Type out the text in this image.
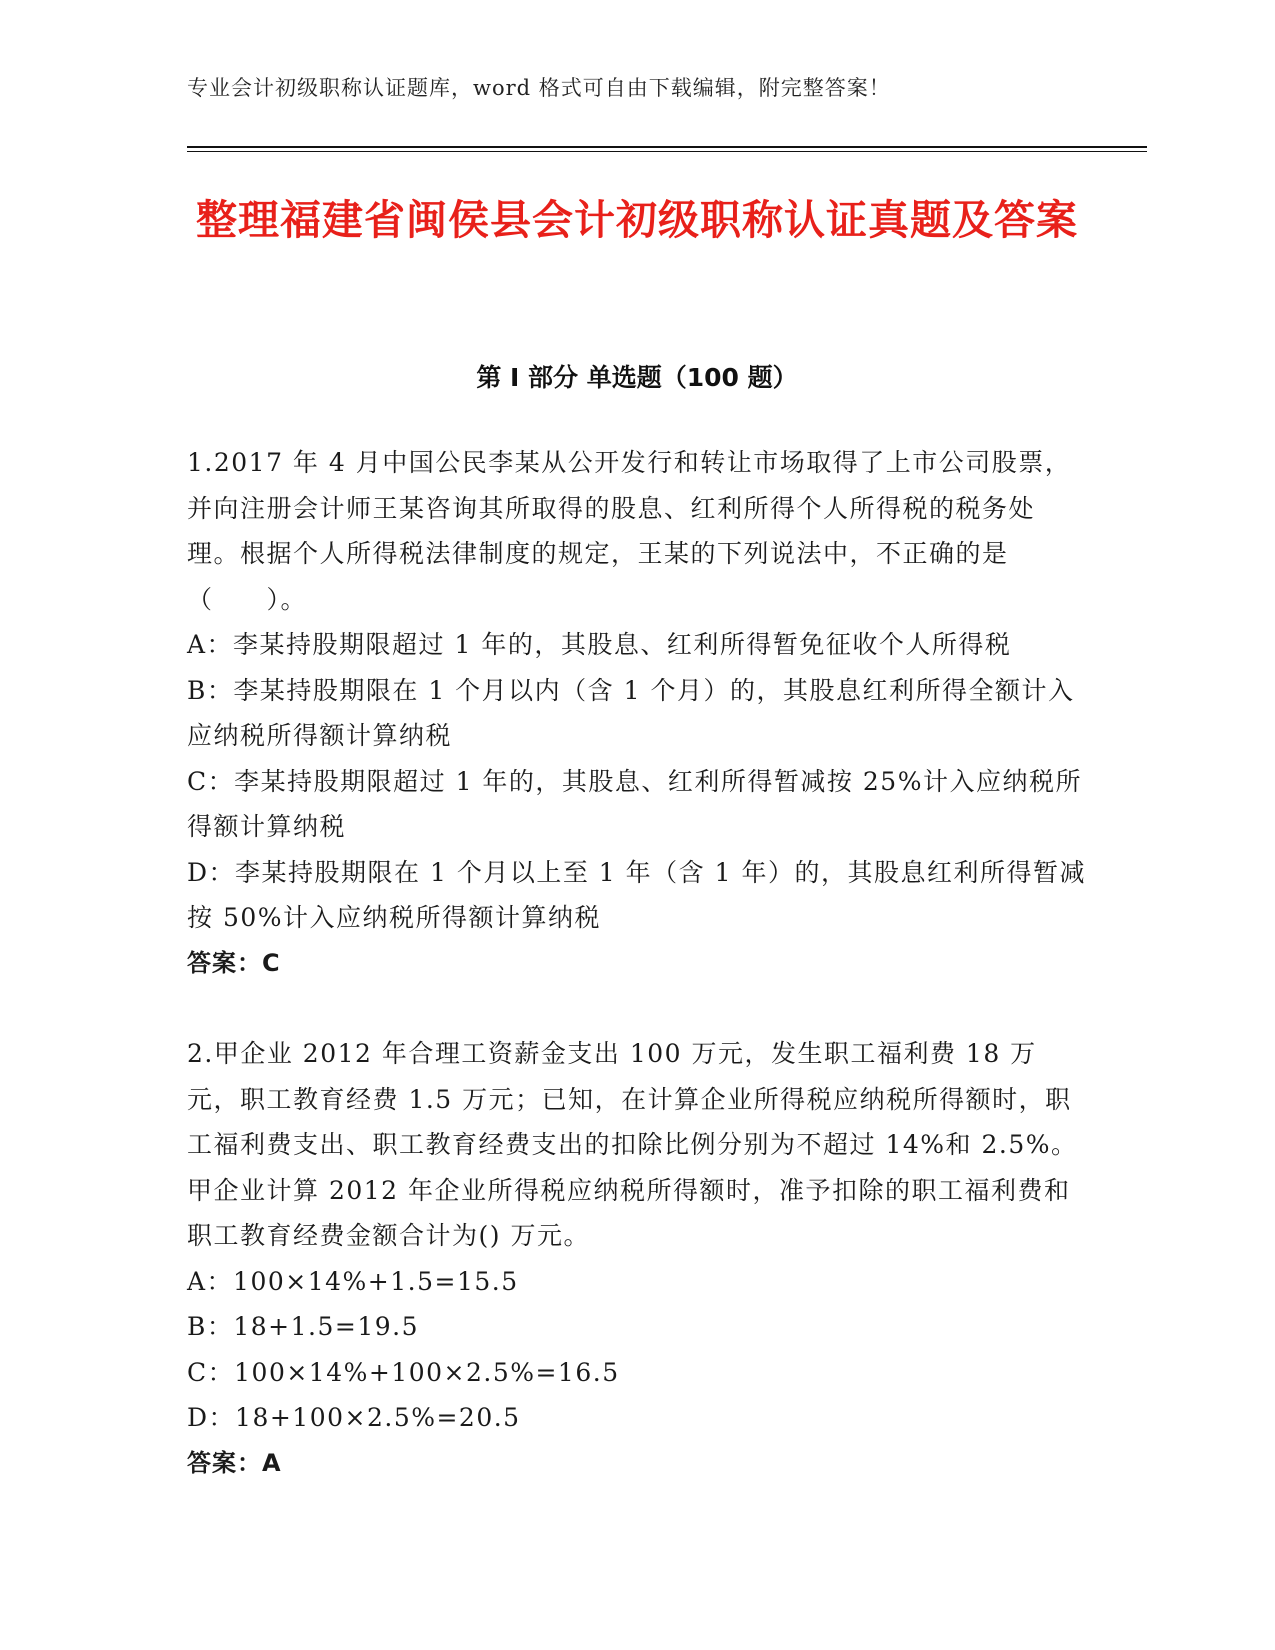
专业会计初级职称认证题库，word 格式可自由下载编辑，附完整答案！
整理福建省闽侯县会计初级职称认证真题及答案
第 I 部分 单选题（100 题）

1.2017 年 4 月中国公民李某从公开发行和转让市场取得了上市公司股票，并向注册会计师王某咨询其所取得的股息、红利所得个人所得税的税务处理。根据个人所得税法律制度的规定，王某的下列说法中，不正确的是（　　）。

A：李某持股期限超过 1 年的，其股息、红利所得暂免征收个人所得税

B：李某持股期限在 1 个月以内（含 1 个月）的，其股息红利所得全额计入应纳税所得额计算纳税

C：李某持股期限超过 1 年的，其股息、红利所得暂减按 25%计入应纳税所得额计算纳税

D：李某持股期限在 1 个月以上至 1 年（含 1 年）的，其股息红利所得暂减按 50%计入应纳税所得额计算纳税

答案：C

2.甲企业 2012 年合理工资薪金支出 100 万元，发生职工福利费 18 万元，职工教育经费 1.5 万元；已知，在计算企业所得税应纳税所得额时，职工福利费支出、职工教育经费支出的扣除比例分别为不超过 14%和 2.5%。甲企业计算 2012 年企业所得税应纳税所得额时，准予扣除的职工福利费和职工教育经费金额合计为() 万元。

A：100×14%+1.5=15.5

B：18+1.5=19.5

C：100×14%+100×2.5%=16.5

D：18+100×2.5%=20.5

答案：A
